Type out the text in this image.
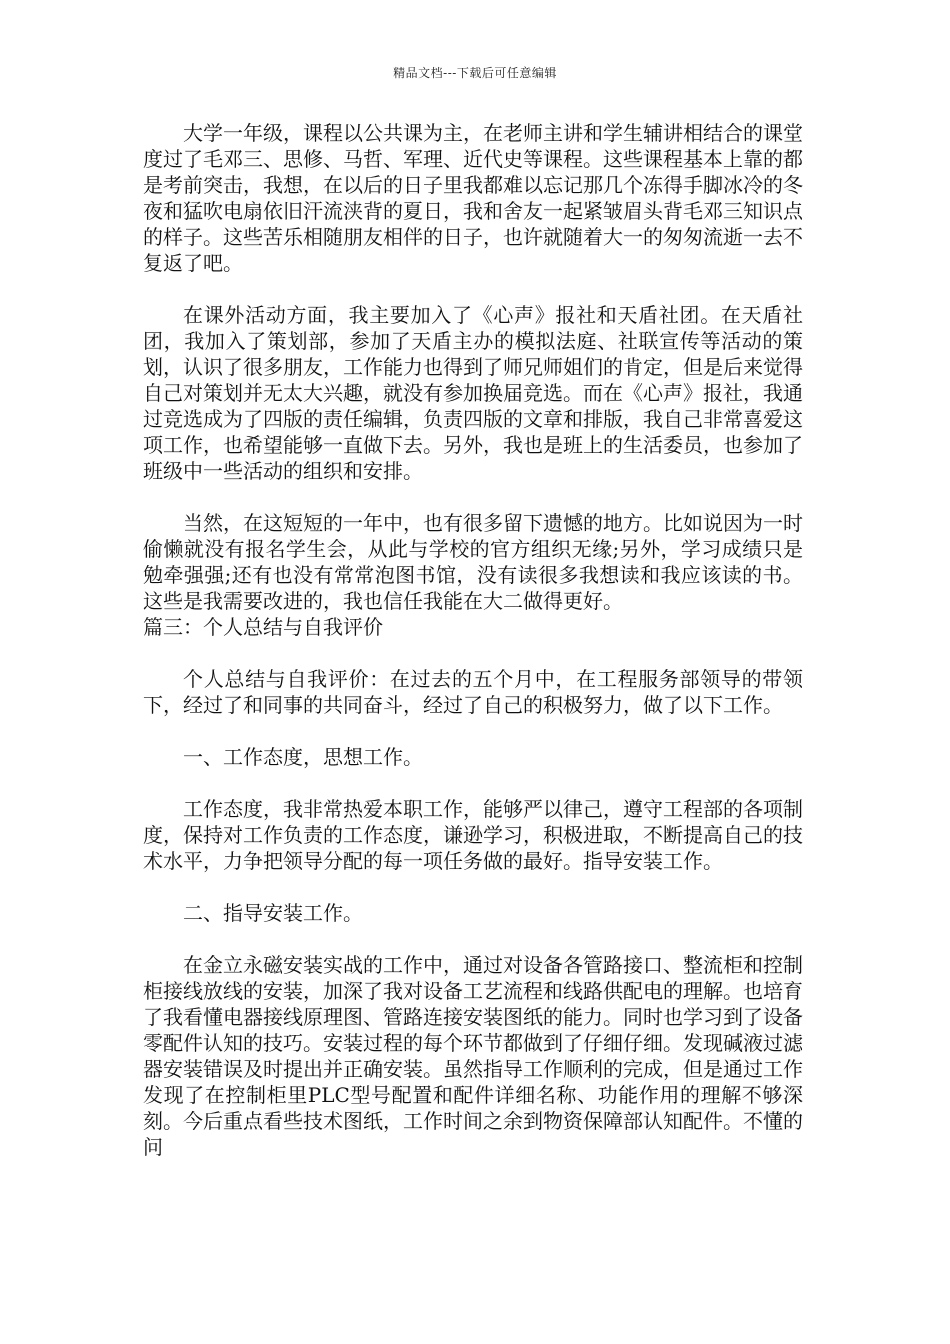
精品文档---下载后可任意编辑

大学一年级，课程以公共课为主，在老师主讲和学生辅讲相结合的课堂度过了毛邓三、思修、马哲、军理、近代史等课程。这些课程基本上靠的都是考前突击，我想，在以后的日子里我都难以忘记那几个冻得手脚冰冷的冬夜和猛吹电扇依旧汗流浃背的夏日，我和舍友一起紧皱眉头背毛邓三知识点的样子。这些苦乐相随朋友相伴的日子，也许就随着大一的匆匆流逝一去不复返了吧。

在课外活动方面，我主要加入了《心声》报社和天盾社团。在天盾社团，我加入了策划部，参加了天盾主办的模拟法庭、社联宣传等活动的策划，认识了很多朋友，工作能力也得到了师兄师姐们的肯定，但是后来觉得自己对策划并无太大兴趣，就没有参加换届竞选。而在《心声》报社，我通过竞选成为了四版的责任编辑，负责四版的文章和排版，我自己非常喜爱这项工作，也希望能够一直做下去。另外，我也是班上的生活委员，也参加了班级中一些活动的组织和安排。

当然，在这短短的一年中，也有很多留下遗憾的地方。比如说因为一时偷懒就没有报名学生会，从此与学校的官方组织无缘;另外，学习成绩只是勉牵强强;还有也没有常常泡图书馆，没有读很多我想读和我应该读的书。这些是我需要改进的，我也信任我能在大二做得更好。

篇三：个人总结与自我评价

个人总结与自我评价：在过去的五个月中，在工程服务部领导的带领下，经过了和同事的共同奋斗，经过了自己的积极努力，做了以下工作。

一、工作态度，思想工作。

工作态度，我非常热爱本职工作，能够严以律己，遵守工程部的各项制度，保持对工作负责的工作态度，谦逊学习，积极进取，不断提高自己的技术水平，力争把领导分配的每一项任务做的最好。指导安装工作。

二、指导安装工作。

在金立永磁安装实战的工作中，通过对设备各管路接口、整流柜和控制柜接线放线的安装，加深了我对设备工艺流程和线路供配电的理解。也培育了我看懂电器接线原理图、管路连接安装图纸的能力。同时也学习到了设备零配件认知的技巧。安装过程的每个环节都做到了仔细仔细。发现碱液过滤器安装错误及时提出并正确安装。虽然指导工作顺利的完成，但是通过工作发现了在控制柜里PLC型号配置和配件详细名称、功能作用的理解不够深刻。今后重点看些技术图纸，工作时间之余到物资保障部认知配件。不懂的问
